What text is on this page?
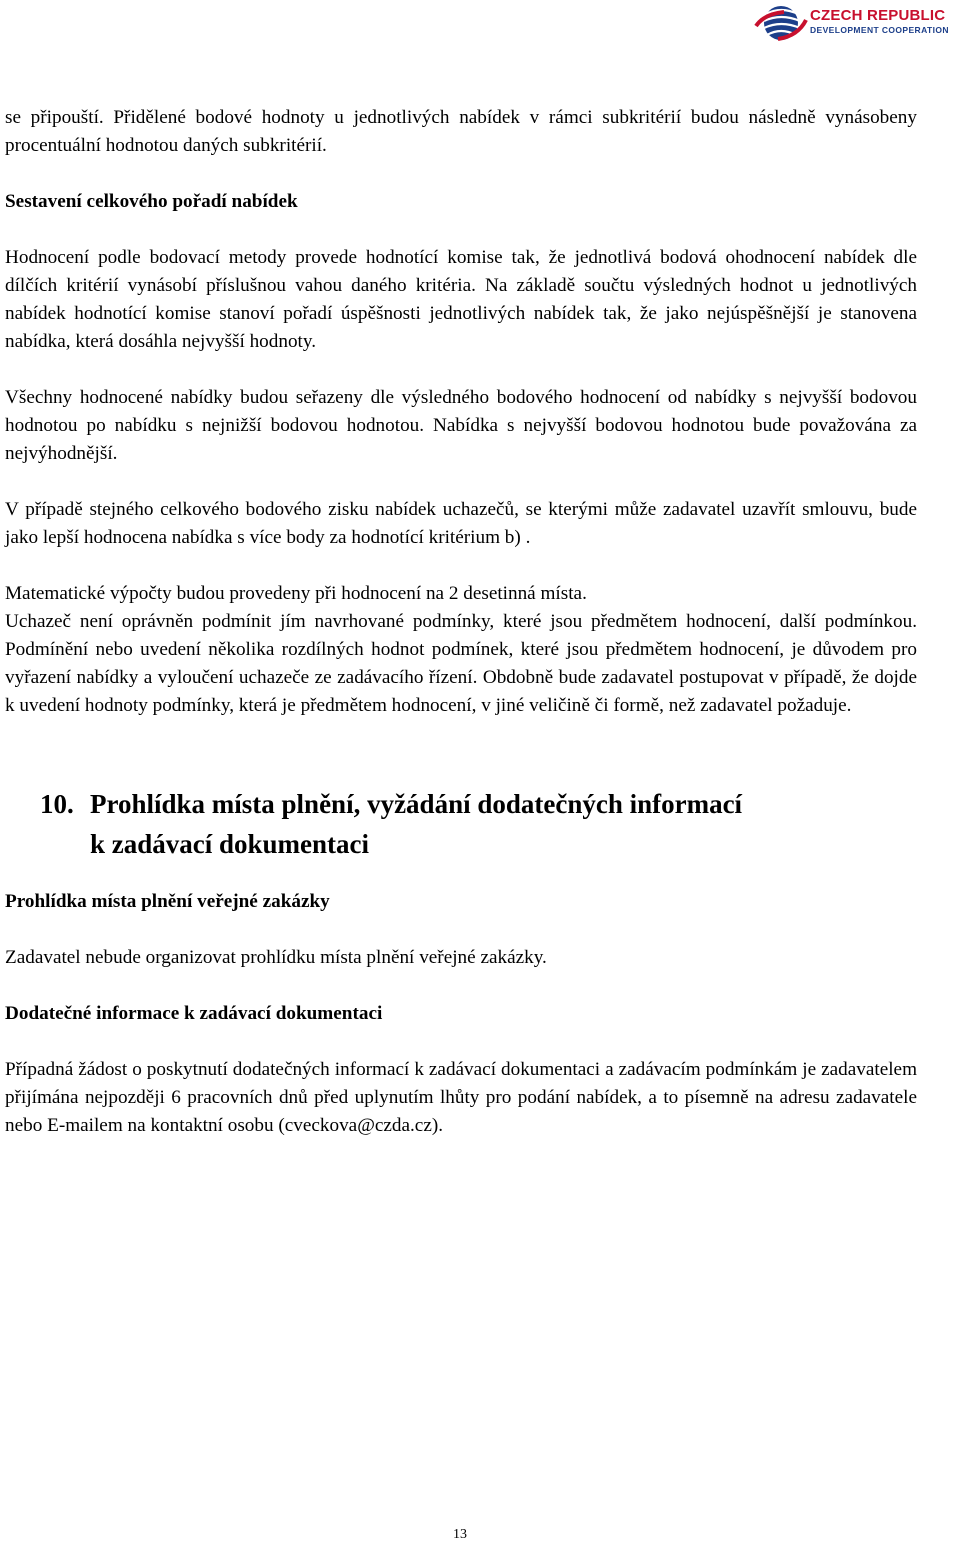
CZECH REPUBLIC
DEVELOPMENT COOPERATION

se připouští. Přidělené bodové hodnoty u jednotlivých nabídek v rámci subkritérií budou následně vynásobeny procentuální hodnotou daných subkritérií.

Sestavení celkového pořadí nabídek

Hodnocení podle bodovací metody provede hodnotící komise tak, že jednotlivá bodová ohodnocení nabídek dle dílčích kritérií vynásobí příslušnou vahou daného kritéria. Na základě součtu výsledných hodnot u jednotlivých nabídek hodnotící komise stanoví pořadí úspěšnosti jednotlivých nabídek tak, že jako nejúspěšnější je stanovena nabídka, která dosáhla nejvyšší hodnoty.

Všechny hodnocené nabídky budou seřazeny dle výsledného bodového hodnocení od nabídky s nejvyšší bodovou hodnotou po nabídku s nejnižší bodovou hodnotou. Nabídka s nejvyšší bodovou hodnotou bude považována za nejvýhodnější.

V případě stejného celkového bodového zisku nabídek uchazečů, se kterými může zadavatel uzavřít smlouvu, bude jako lepší hodnocena nabídka s více body za hodnotící kritérium b) .

Matematické výpočty budou provedeny při hodnocení na 2 desetinná místa.

Uchazeč není oprávněn podmínit jím navrhované podmínky, které jsou předmětem hodnocení, další podmínkou. Podmínění nebo uvedení několika rozdílných hodnot podmínek, které jsou předmětem hodnocení, je důvodem pro vyřazení nabídky a vyloučení uchazeče ze zadávacího řízení. Obdobně bude zadavatel postupovat v případě, že dojde k uvedení hodnoty podmínky, která je předmětem hodnocení, v jiné veličině či formě, než zadavatel požaduje.

10. Prohlídka místa plnění, vyžádání dodatečných informací
k zadávací dokumentaci

Prohlídka místa plnění veřejné zakázky

Zadavatel nebude organizovat prohlídku místa plnění veřejné zakázky.

Dodatečné informace k zadávací dokumentaci

Případná žádost o poskytnutí dodatečných informací k zadávací dokumentaci a zadávacím podmínkám je zadavatelem přijímána nejpozději 6 pracovních dnů před uplynutím lhůty pro podání nabídek, a to písemně na adresu zadavatele nebo E-mailem na kontaktní osobu (cveckova@czda.cz).

13
